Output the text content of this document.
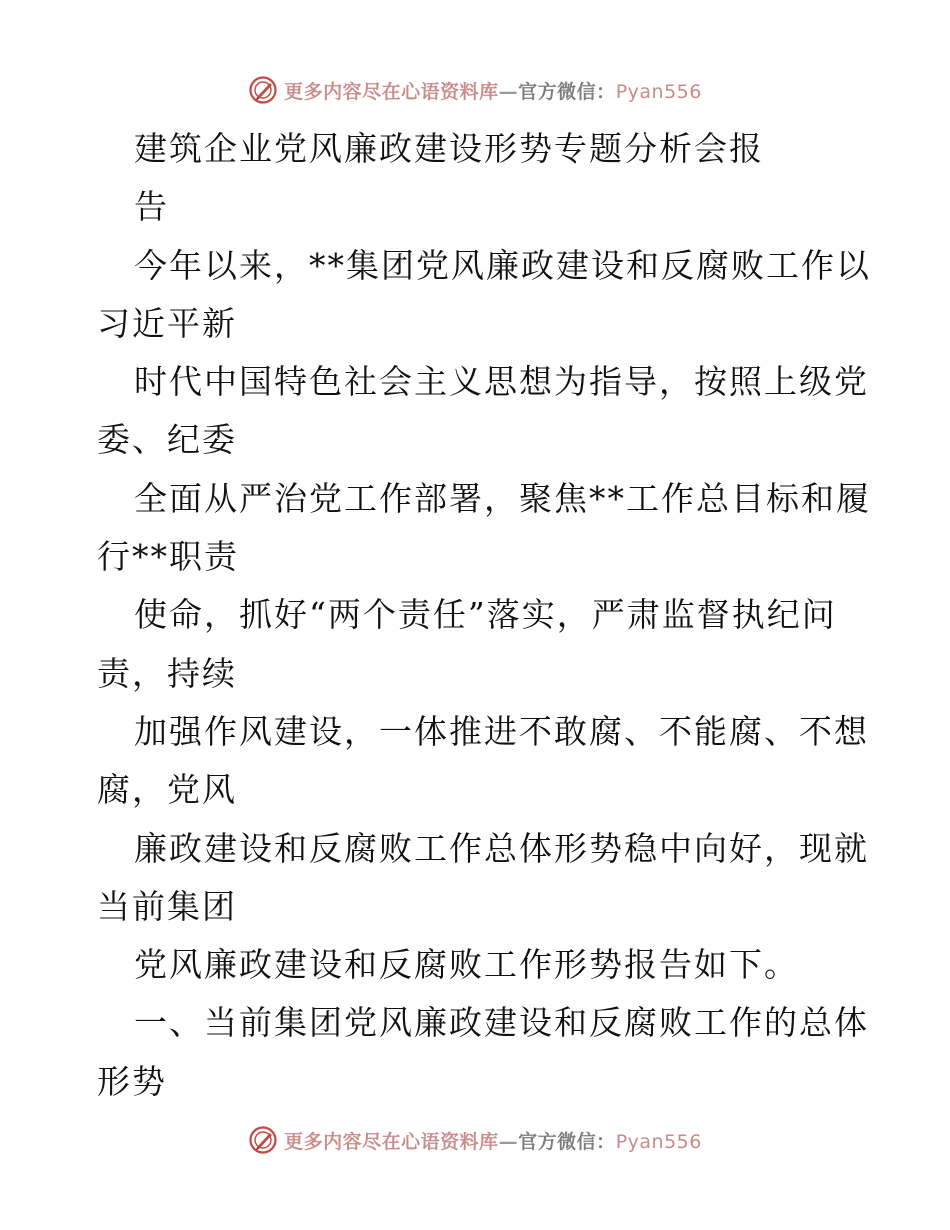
更多内容尽在心语资料库—官方微信：Pyan556
建筑企业党风廉政建设形势专题分析会报
告
今年以来，**集团党风廉政建设和反腐败工作以
习近平新
时代中国特色社会主义思想为指导，按照上级党
委、纪委
全面从严治党工作部署，聚焦**工作总目标和履
行**职责
使命，抓好“两个责任”落实，严肃监督执纪问
责，持续
加强作风建设，一体推进不敢腐、不能腐、不想
腐，党风
廉政建设和反腐败工作总体形势稳中向好，现就
当前集团
党风廉政建设和反腐败工作形势报告如下。
一、当前集团党风廉政建设和反腐败工作的总体
形势
更多内容尽在心语资料库—官方微信：Pyan556
